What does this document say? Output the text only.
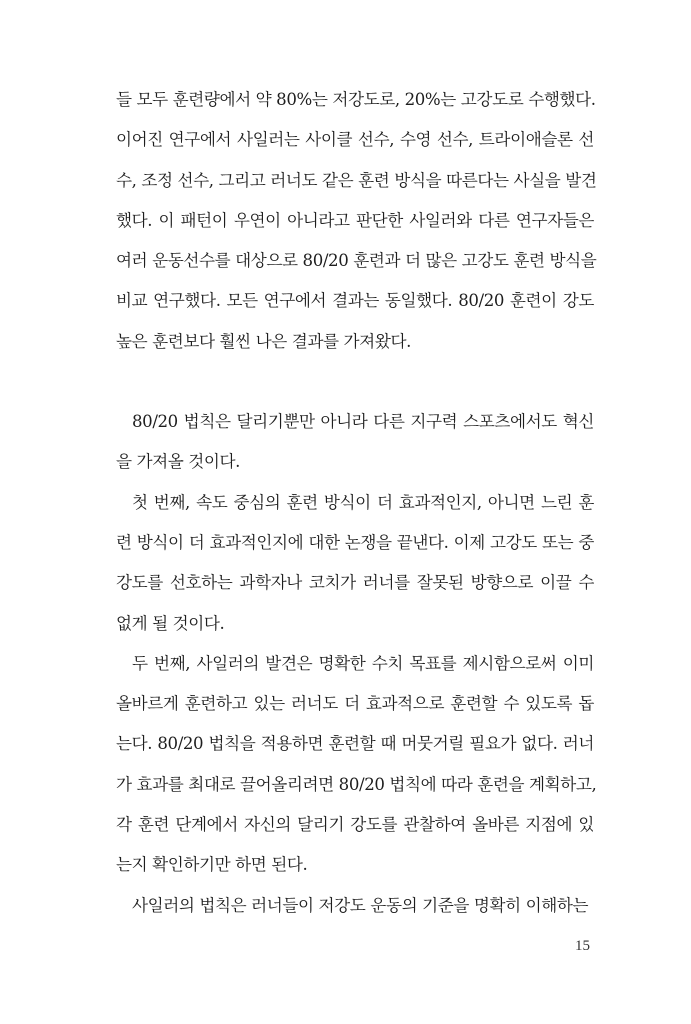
들 모두 훈련량에서 약 80%는 저강도로, 20%는 고강도로 수행했다.
이어진 연구에서 사일러는 사이클 선수, 수영 선수, 트라이애슬론 선
수, 조정 선수, 그리고 러너도 같은 훈련 방식을 따른다는 사실을 발견
했다. 이 패턴이 우연이 아니라고 판단한 사일러와 다른 연구자들은
여러 운동선수를 대상으로 80/20 훈련과 더 많은 고강도 훈련 방식을
비교 연구했다. 모든 연구에서 결과는 동일했다. 80/20 훈련이 강도
높은 훈련보다 훨씬 나은 결과를 가져왔다.
80/20 법칙은 달리기뿐만 아니라 다른 지구력 스포츠에서도 혁신
을 가져올 것이다.
첫 번째, 속도 중심의 훈련 방식이 더 효과적인지, 아니면 느린 훈
련 방식이 더 효과적인지에 대한 논쟁을 끝낸다. 이제 고강도 또는 중
강도를 선호하는 과학자나 코치가 러너를 잘못된 방향으로 이끌 수
없게 될 것이다.
두 번째, 사일러의 발견은 명확한 수치 목표를 제시함으로써 이미
올바르게 훈련하고 있는 러너도 더 효과적으로 훈련할 수 있도록 돕
는다. 80/20 법칙을 적용하면 훈련할 때 머뭇거릴 필요가 없다. 러너
가 효과를 최대로 끌어올리려면 80/20 법칙에 따라 훈련을 계획하고,
각 훈련 단계에서 자신의 달리기 강도를 관찰하여 올바른 지점에 있
는지 확인하기만 하면 된다.
사일러의 법칙은 러너들이 저강도 운동의 기준을 명확히 이해하는
15
